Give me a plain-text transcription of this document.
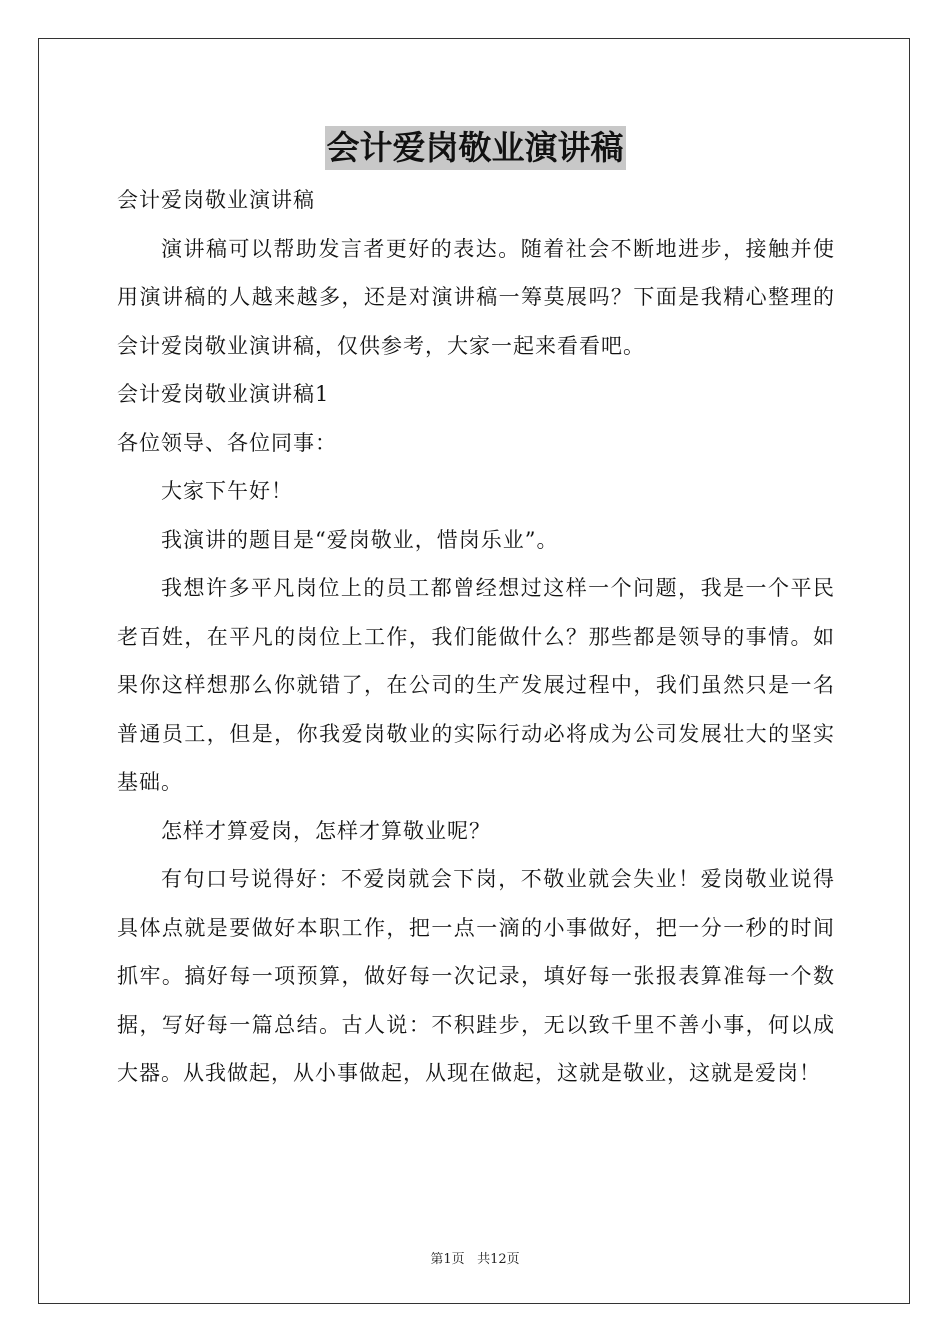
会计爱岗敬业演讲稿

会计爱岗敬业演讲稿

演讲稿可以帮助发言者更好的表达。随着社会不断地进步，接触并使用演讲稿的人越来越多，还是对演讲稿一筹莫展吗？下面是我精心整理的会计爱岗敬业演讲稿，仅供参考，大家一起来看看吧。

会计爱岗敬业演讲稿1

各位领导、各位同事：

大家下午好！

我演讲的题目是“爱岗敬业，惜岗乐业”。

我想许多平凡岗位上的员工都曾经想过这样一个问题，我是一个平民老百姓，在平凡的岗位上工作，我们能做什么？那些都是领导的事情。如果你这样想那么你就错了，在公司的生产发展过程中，我们虽然只是一名普通员工，但是，你我爱岗敬业的实际行动必将成为公司发展壮大的坚实基础。

怎样才算爱岗，怎样才算敬业呢？

有句口号说得好：不爱岗就会下岗，不敬业就会失业！爱岗敬业说得具体点就是要做好本职工作，把一点一滴的小事做好，把一分一秒的时间抓牢。搞好每一项预算，做好每一次记录，填好每一张报表算准每一个数据，写好每一篇总结。古人说：不积跬步，无以致千里不善小事，何以成大器。从我做起，从小事做起，从现在做起，这就是敬业，这就是爱岗！

第1页 共12页
